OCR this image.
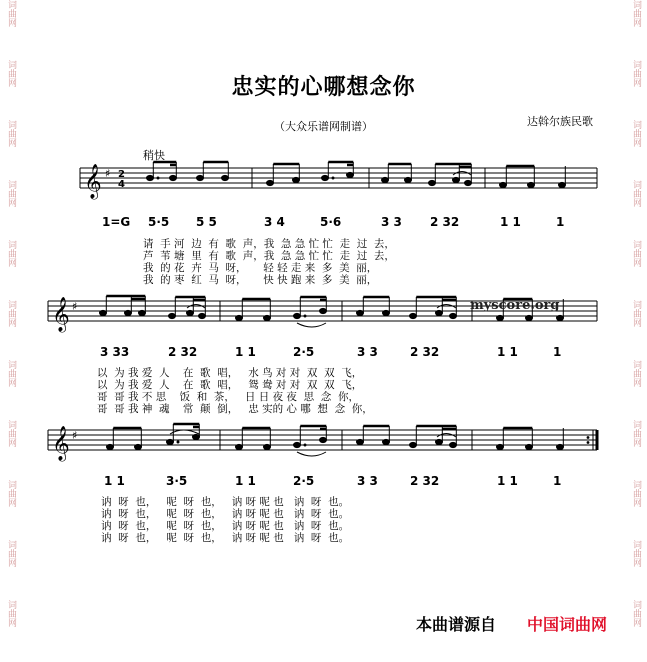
词曲网
词曲网
词曲网
词曲网
词曲网
词曲网
词曲网
词曲网
词曲网
词曲网
词曲网
词曲网
词曲网
词曲网
词曲网
词曲网
词曲网
词曲网
词曲网
词曲网
词曲网
词曲网
忠实的心哪想念你
（大众乐谱网制谱）	达斡尔族民歌
稍快
𝄞 ♯ 2
4
1=G 5·5 5 5	3 4	5·6	3 3 2 32	1 1	1
请  手 河  边  有  歌  声，我  急 急 忙 忙  走  过  去，
芦  苇 塘  里  有  歌  声，我  急 急 忙 忙  走  过  去，
我  的 花  卉  马  呀，     轻 轻 走 来  多  美  丽，
我  的 枣  红  马  呀，     快 快 跑 来  多  美  丽，
𝄞 ♯	myscore.org
3 33	2 32	1 1	2·5	3 3	2 32	1 1	1
以  为 我 爱  人    在  歌  唱，   水 鸟 对 对  双  双  飞，
以  为 我 爱  人    在  歌  唱，   鸳 鸯 对 对  双  双  飞，
哥  哥 我 不 思    饭  和  茶，   日 日 夜 夜  思  念  你，
哥  哥 我 神  魂    常  颠  倒，   忠 实的 心 哪  想  念  你，
𝄞 ♯
1 1	3·5	1 1	2·5	3 3	2 32	1 1	1
讷  呀  也，   呢  呀  也，   讷 呀 呢 也   讷  呀  也。
讷  呀  也，   呢  呀  也，   讷 呀 呢 也   讷  呀  也。
讷  呀  也，   呢  呀  也，   讷 呀 呢 也   讷  呀  也。
讷  呀  也，   呢  呀  也，   讷 呀 呢 也   讷  呀  也。
本曲谱源自 中国词曲网
